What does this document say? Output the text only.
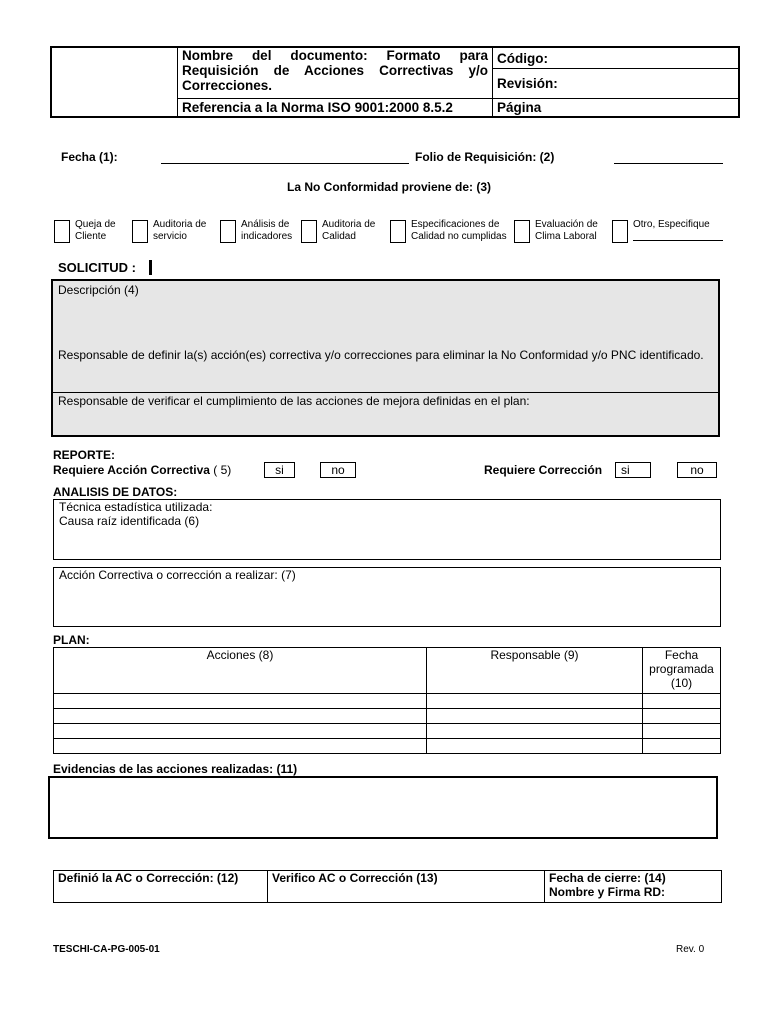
	Nombre del documento: Formato para Requisición de Acciones Correctivas y/o Correcciones.	Código:
		Revisión:
	Referencia a la Norma ISO 9001:2000 8.5.2	Página
Fecha (1):	Folio de Requisición: (2)
La No Conformidad proviene de: (3)
Queja de
Cliente
Auditoria de
servicio
Análisis de
indicadores
Auditoria de
Calidad
Especificaciones de
Calidad no cumplidas
Evaluación de
Clima Laboral
Otro, Especifique
SOLICITUD :
Descripción (4)
Responsable de definir la(s) acción(es) correctiva y/o correcciones para eliminar la No Conformidad y/o PNC identificado.
Responsable de verificar el cumplimiento de las acciones de mejora definidas en el plan:
REPORTE:
Requiere Acción Correctiva ( 5)	si	no	Requiere Corrección	si	no
ANALISIS DE DATOS:
Técnica estadística utilizada:
Causa raíz identificada (6)
Acción Correctiva o corrección a realizar: (7)
PLAN:
Acciones (8)	Responsable (9)	Fecha
programada
(10)

Evidencias de las acciones realizadas: (11)
Definió la AC o Corrección: (12)	Verifico AC o Corrección (13)	Fecha de cierre: (14)
Nombre y Firma RD:
TESCHI-CA-PG-005-01	Rev. 0
